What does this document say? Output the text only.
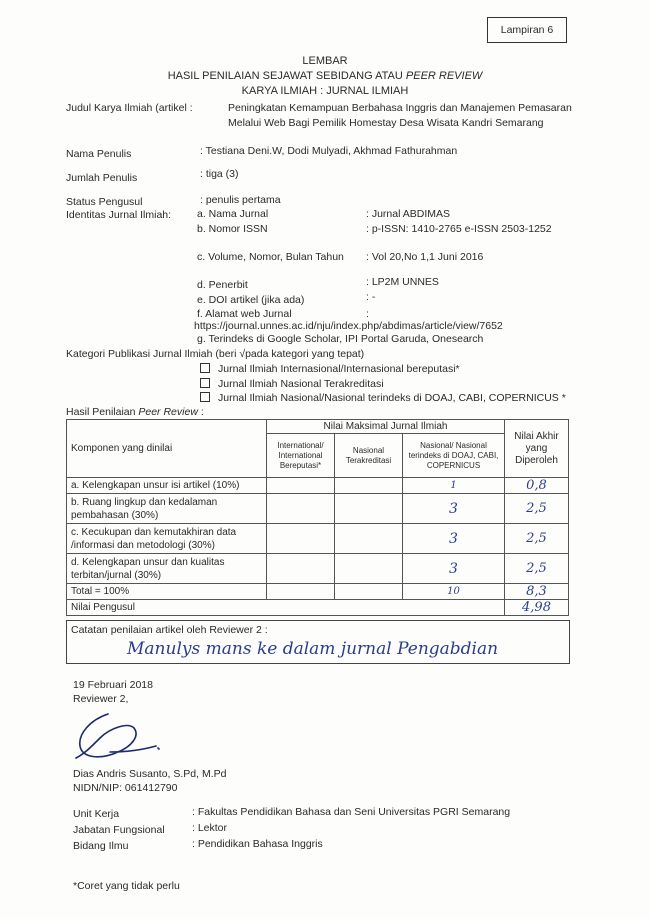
Lampiran 6
LEMBAR
HASIL PENILAIAN SEJAWAT SEBIDANG ATAU PEER REVIEW
KARYA ILMIAH : JURNAL ILMIAH
Judul Karya Ilmiah (artikel :	Peningkatan Kemampuan Berbahasa Inggris dan Manajemen Pemasaran
Melalui Web Bagi Pemilik Homestay Desa Wisata Kandri Semarang
Nama Penulis	: Testiana Deni.W, Dodi Mulyadi, Akhmad Fathurahman
Jumlah Penulis	: tiga (3)
Status Pengusul	: penulis pertama
Identitas Jurnal Ilmiah: a. Nama Jurnal	: Jurnal ABDIMAS
b. Nomor ISSN	: p-ISSN: 1410-2765 e-ISSN 2503-1252
c. Volume, Nomor, Bulan Tahun : Vol 20,No 1,1 Juni 2016
d. Penerbit	: LP2M UNNES
e. DOI artikel (jika ada)	: -
f. Alamat web Jurnal	:
https://journal.unnes.ac.id/nju/index.php/abdimas/article/view/7652
g. Terindeks di Google Scholar, IPI Portal Garuda, Onesearch
Kategori Publikasi Jurnal Ilmiah (beri √pada kategori yang tepat)
Jurnal Ilmiah Internasional/Internasional bereputasi*
Jurnal Ilmiah Nasional Terakreditasi
Jurnal Ilmiah Nasional/Nasional terindeks di DOAJ, CABI, COPERNICUS *
Hasil Penilaian Peer Review :
Komponen yang dinilai	Nilai Maksimal Jurnal Ilmiah			Nilai Akhir yang Diperoleh
	International/ International Bereputasi*	Nasional Terakreditasi	Nasional/ Nasional terindeks di DOAJ, CABI, COPERNICUS	
a. Kelengkapan unsur isi artikel (10%)			1	0,8
b. Ruang lingkup dan kedalaman pembahasan (30%)			3	2,5
c. Kecukupan dan kemutakhiran data /informasi dan metodologi (30%)			3	2,5
d. Kelengkapan unsur dan kualitas terbitan/jurnal (30%)			3	2,5
Total = 100%			10	8,3
Nilai Pengusul				4,98
Catatan penilaian artikel oleh Reviewer 2 :
Manulys mans ke dalam jurnal Pengabdian
19 Februari 2018
Reviewer 2,
Dias Andris Susanto, S.Pd, M.Pd
NIDN/NIP: 061412790
Unit Kerja	: Fakultas Pendidikan Bahasa dan Seni Universitas PGRI Semarang
Jabatan Fungsional	: Lektor
Bidang Ilmu	: Pendidikan Bahasa Inggris
*Coret yang tidak perlu
